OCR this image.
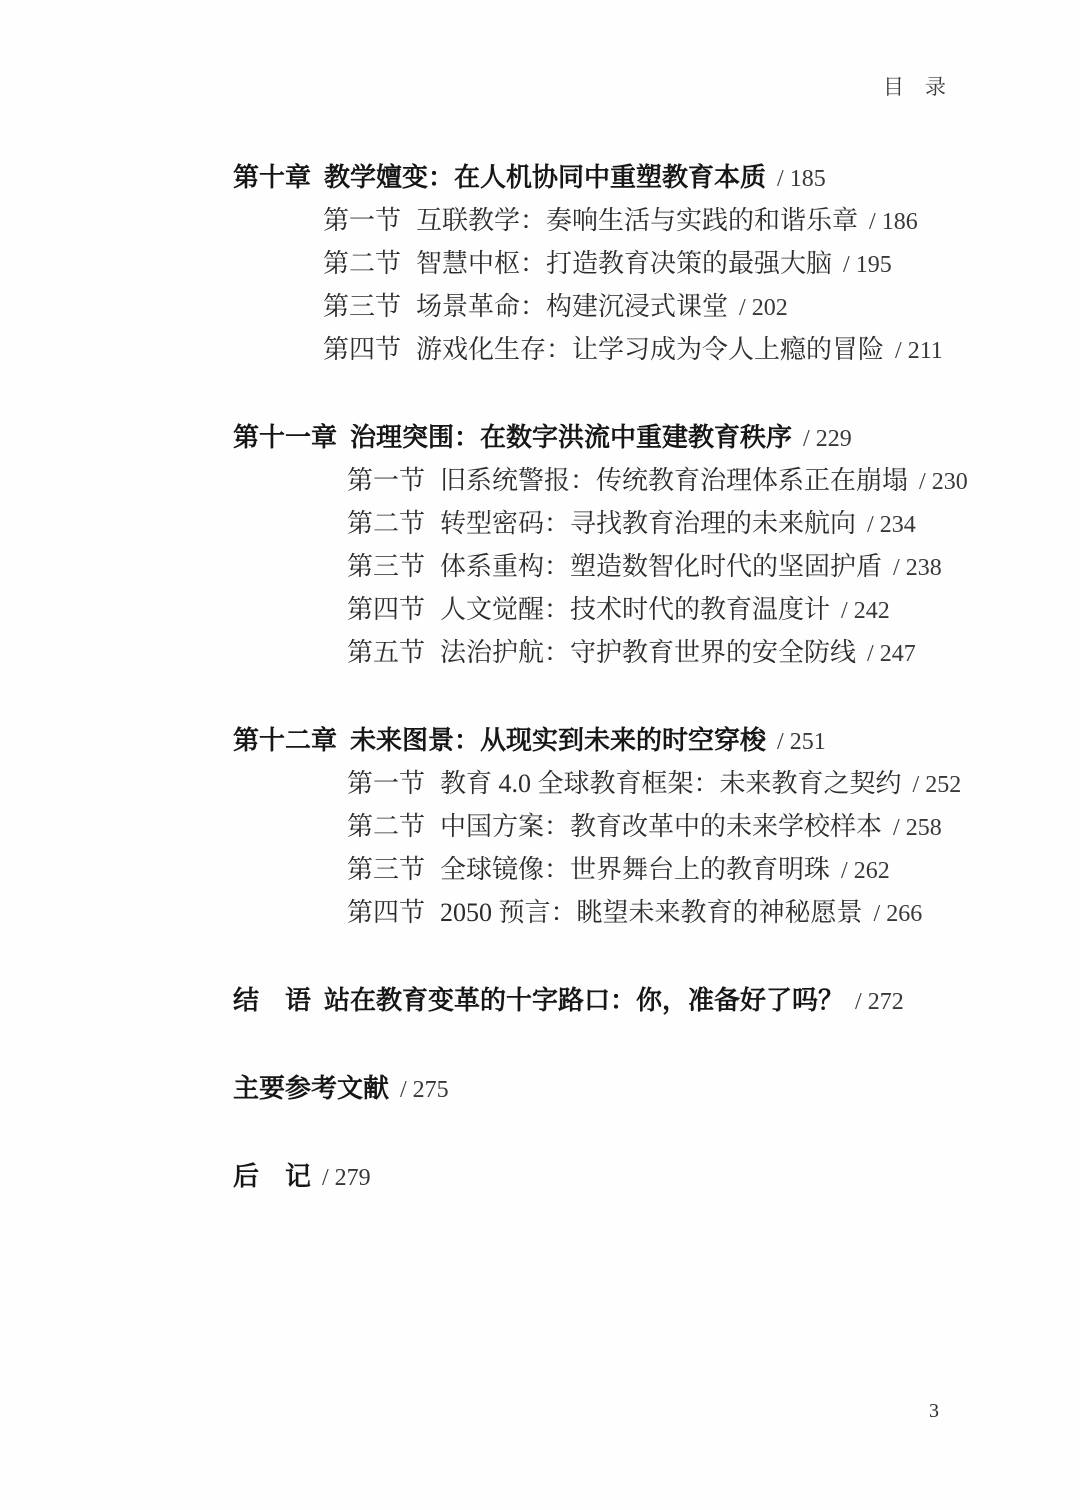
目　录
第十章 教学嬗变：在人机协同中重塑教育本质 / 185
第一节 互联教学：奏响生活与实践的和谐乐章 / 186
第二节 智慧中枢：打造教育决策的最强大脑 / 195
第三节 场景革命：构建沉浸式课堂 / 202
第四节 游戏化生存：让学习成为令人上瘾的冒险 / 211
第十一章 治理突围：在数字洪流中重建教育秩序 / 229
第一节 旧系统警报：传统教育治理体系正在崩塌 / 230
第二节 转型密码：寻找教育治理的未来航向 / 234
第三节 体系重构：塑造数智化时代的坚固护盾 / 238
第四节 人文觉醒：技术时代的教育温度计 / 242
第五节 法治护航：守护教育世界的安全防线 / 247
第十二章 未来图景：从现实到未来的时空穿梭 / 251
第一节 教育 4.0 全球教育框架：未来教育之契约 / 252
第二节 中国方案：教育改革中的未来学校样本 / 258
第三节 全球镜像：世界舞台上的教育明珠 / 262
第四节 2050 预言：眺望未来教育的神秘愿景 / 266
结　语 站在教育变革的十字路口：你，准备好了吗？ / 272
主要参考文献 / 275
后　记 / 279
3
